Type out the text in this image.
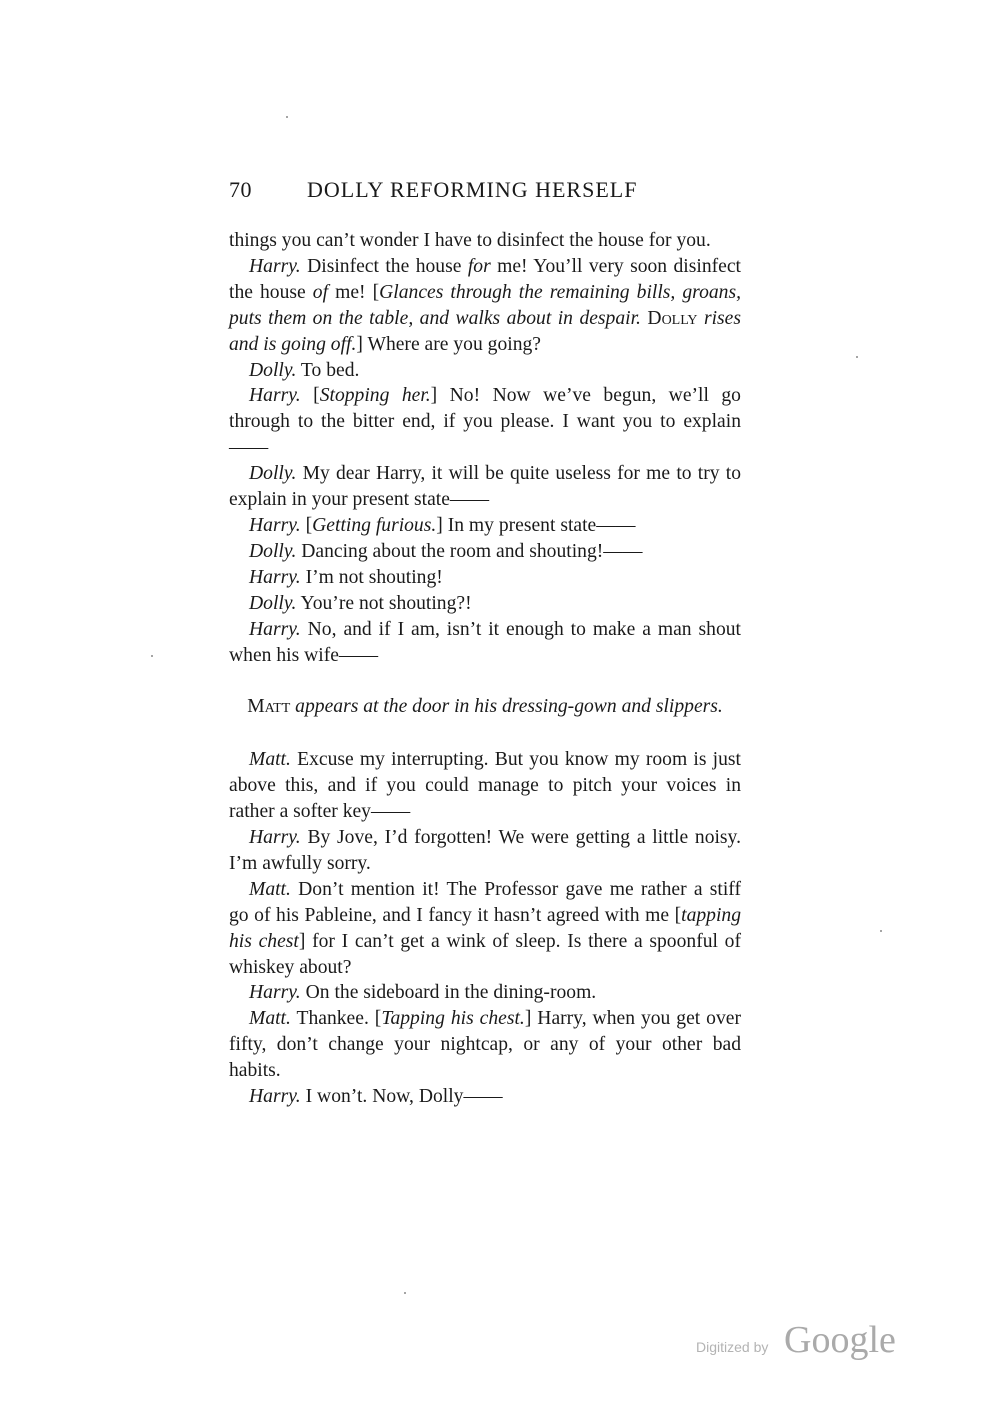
70	DOLLY REFORMING HERSELF

things you can’t wonder I have to disinfect the house for you.

Harry. Disinfect the house for me! You’ll very soon disinfect the house of me! [Glances through the remaining bills, groans, puts them on the table, and walks about in despair. Dolly rises and is going off.] Where are you going?

Dolly. To bed.

Harry. [Stopping her.] No! Now we’ve begun, we’ll go through to the bitter end, if you please. I want you to explain——

Dolly. My dear Harry, it will be quite useless for me to try to explain in your present state——

Harry. [Getting furious.] In my present state——

Dolly. Dancing about the room and shouting!——

Harry. I’m not shouting!

Dolly. You’re not shouting?!

Harry. No, and if I am, isn’t it enough to make a man shout when his wife——

Matt appears at the door in his dressing-gown and slippers.

Matt. Excuse my interrupting. But you know my room is just above this, and if you could manage to pitch your voices in rather a softer key——

Harry. By Jove, I’d forgotten! We were getting a little noisy. I’m awfully sorry.

Matt. Don’t mention it! The Professor gave me rather a stiff go of his Pableine, and I fancy it hasn’t agreed with me [tapping his chest] for I can’t get a wink of sleep. Is there a spoonful of whiskey about?

Harry. On the sideboard in the dining-room.

Matt. Thankee. [Tapping his chest.] Harry, when you get over fifty, don’t change your nightcap, or any of your other bad habits.

Harry. I won’t. Now, Dolly——

Digitized by Google
